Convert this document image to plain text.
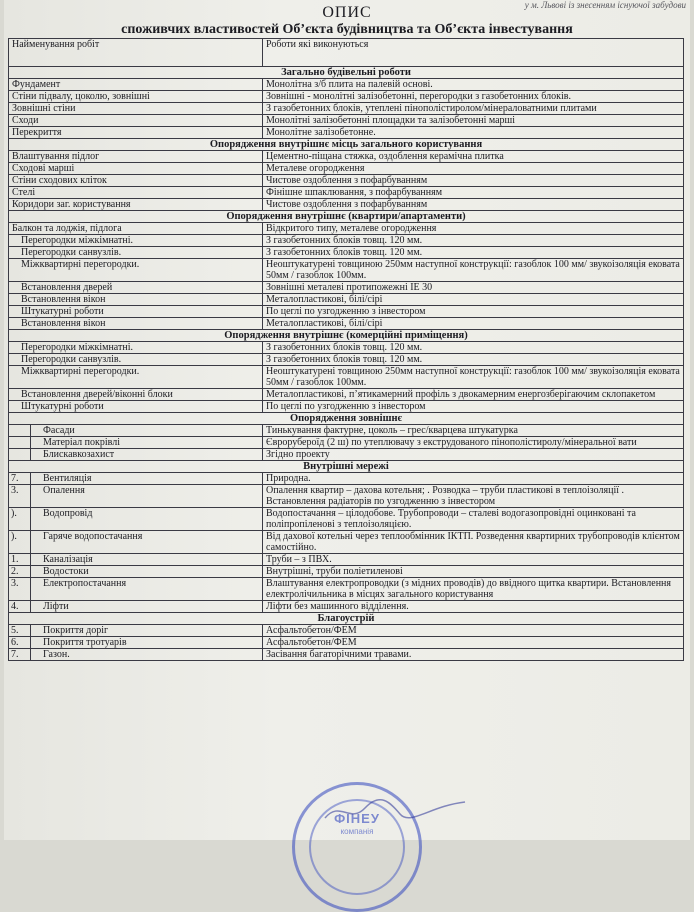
у м. Львові із знесенням існуючої забудови
ОПИС
споживчих властивостей Об’єкта будівництва та Об’єкта інвестування
Найменування робіт		Роботи які виконуються
Загально будівельні роботи		
Фундамент		Монолітна з/б плита на палевій основі.
Стіни підвалу, цоколю, зовнішні		Зовнішні - монолітні залізобетонні, перегородки з газобетонних блоків.
Зовнішні стіни		З газобетонних блоків, утеплені пінополістиролом/мінераловатними плитами
Сходи		Монолітні залізобетонні площадки та залізобетонні марші
Перекриття		Монолітне залізобетонне.
Опорядження внутрішнє місць загального користування		
Влаштування підлог		Цементно-піщана стяжка, оздоблення керамічна плитка
Сходові марші		Металеве огородження
Стіни сходових кліток		Чистове оздоблення з пофарбуванням
Стелі		Фінішне шпаклювання, з пофарбуванням
Коридори заг. користування		Чистове оздоблення з пофарбуванням
Опорядження внутрішнє (квартири/апартаменти)		
Балкон та лоджія, підлога		Відкритого типу, металеве огородження
Перегородки міжкімнатні.		З газобетонних блоків товщ. 120 мм.
Перегородки санвузлів.		З газобетонних блоків товщ. 120 мм.
Міжквартирні перегородки.		Неоштукатурені товщиною 250мм наступної конструкції: газоблок 100 мм/ звукоізоляція ековата 50мм / газоблок 100мм.
Встановлення дверей		Зовнішні металеві протипожежні ІЕ 30
Встановлення вікон		Металопластикові, білі/сірі
Штукатурні роботи		По цеглі по узгодженню з інвестором
Встановлення вікон		Металопластикові, білі/сірі
Опорядження внутрішнє (комерційні приміщення)		
Перегородки міжкімнатні.		З газобетонних блоків товщ. 120 мм.
Перегородки санвузлів.		З газобетонних блоків товщ. 120 мм.
Міжквартирні перегородки.		Неоштукатурені товщиною 250мм наступної конструкції: газоблок 100 мм/ звукоізоляція ековата 50мм / газоблок 100мм.
Встановлення дверей/віконні блоки		Металопластикові, п’ятикамерний профіль з двокамерним енергозберігаючим склопакетом
Штукатурні роботи		По цеглі по узгодженню з інвестором
Опорядження зовнішнє		
	Фасади	Тинькування фактурне, цоколь – грес/кварцева штукатурка
	Матеріал покрівлі	Єврорубероїд (2 ш) по утеплювачу з екструдованого пінополістиролу/мінеральної вати
	Блискавкозахист	Згідно проекту
Внутрішні мережі		
7.	Вентиляція	Природна.
3.	Опалення	Опалення квартир – дахова котельня; . Розводка – труби пластикові в теплоізоляції . Встановлення радіаторів по узгодженню з інвестором
).	Водопровід	Водопостачання – цілодобове. Трубопроводи – сталеві водогазопровідні оцинковані та поліпропіленові з теплоізоляцією.
).	Гаряче водопостачання	Від дахової котельні через теплообмінник ІКТП. Розведення квартирних трубопроводів клієнтом самостійно.
1.	Каналізація	Труби – з ПВХ.
2.	Водостоки	Внутрішні, труби поліетиленові
3.	Електропостачання	Влаштування електропроводки (з мідних проводів) до ввідного щитка квартири. Встановлення електролічильника в місцях загального користування
4.	Ліфти	Ліфти без машинного відділення.
Благоустрій		
5.	Покриття доріг	Асфальтобетон/ФЕМ
6.	Покриття тротуарів	Асфальтобетон/ФЕМ
7.	Газон.	Засівання багаторічними травами.
ФІНЕУ
компанія
